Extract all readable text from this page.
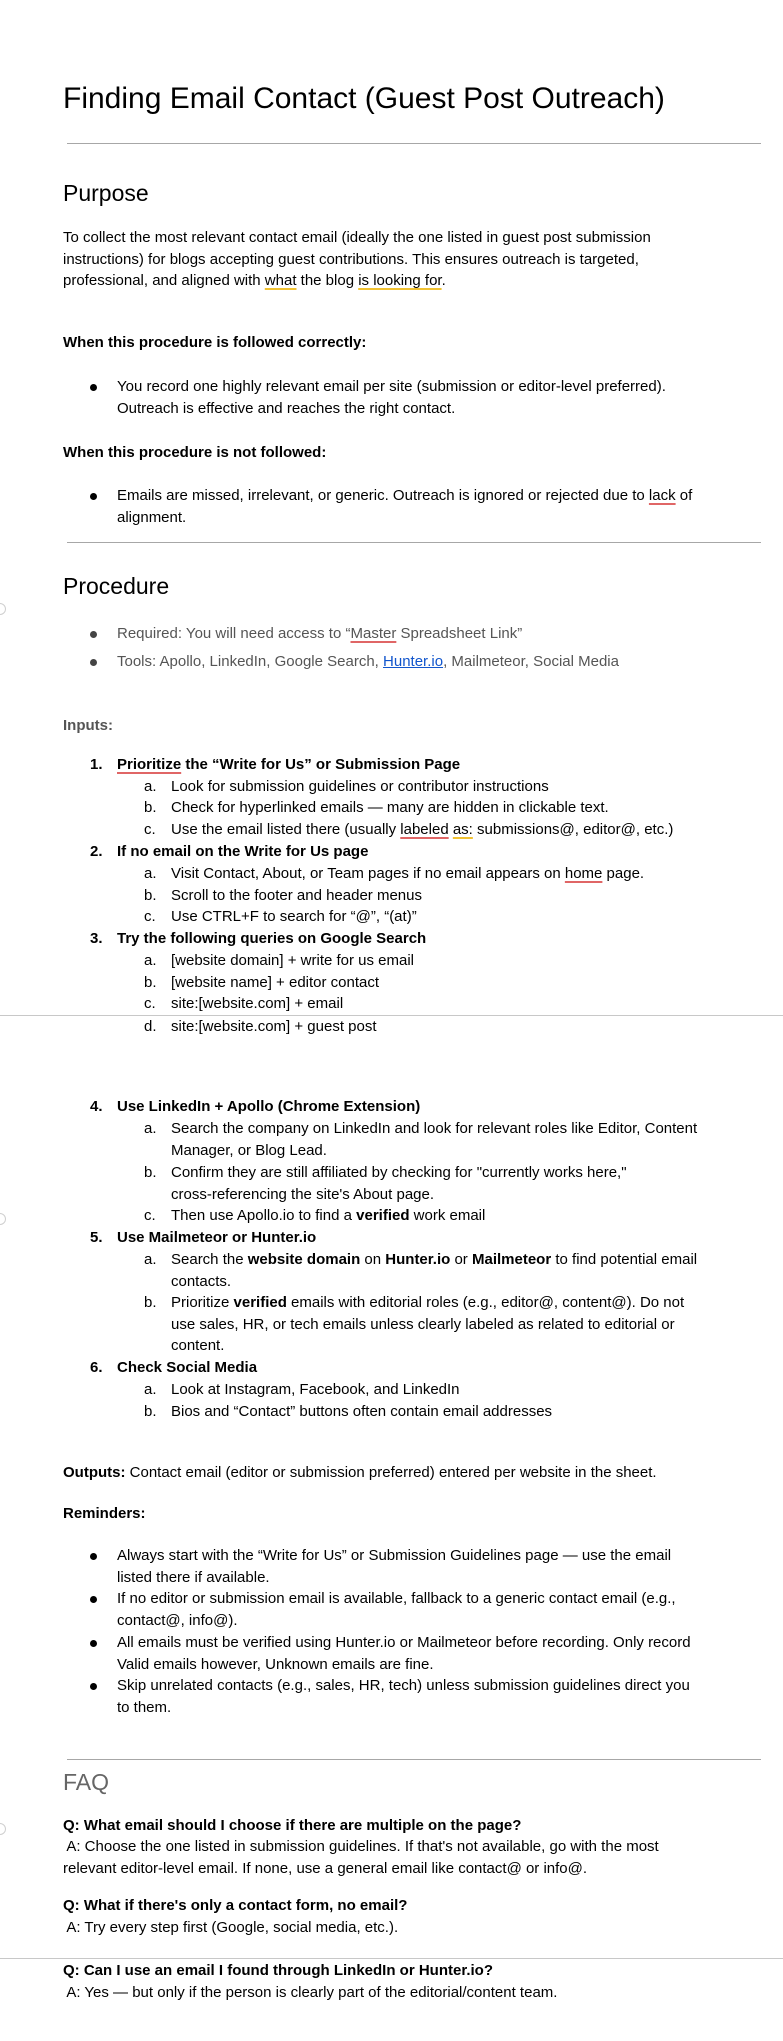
Finding Email Contact (Guest Post Outreach)
Purpose
To collect the most relevant contact email (ideally the one listed in guest post submission
instructions) for blogs accepting guest contributions. This ensures outreach is targeted,
professional, and aligned with what the blog is looking for.
When this procedure is followed correctly:
You record one highly relevant email per site (submission or editor-level preferred).
Outreach is effective and reaches the right contact.
When this procedure is not followed:
Emails are missed, irrelevant, or generic. Outreach is ignored or rejected due to lack of
alignment.
Procedure
Required: You will need access to “Master Spreadsheet Link”
Tools: Apollo, LinkedIn, Google Search, Hunter.io, Mailmeteor, Social Media
Inputs:
1. Prioritize the “Write for Us” or Submission Page
a. Look for submission guidelines or contributor instructions
b. Check for hyperlinked emails — many are hidden in clickable text.
c. Use the email listed there (usually labeled as: submissions@, editor@, etc.)
2. If no email on the Write for Us page
a. Visit Contact, About, or Team pages if no email appears on home page.
b. Scroll to the footer and header menus
c. Use CTRL+F to search for “@”, “(at)”
3. Try the following queries on Google Search
a. [website domain] + write for us email
b. [website name] + editor contact
c. site:[website.com] + email
d. site:[website.com] + guest post
4. Use LinkedIn + Apollo (Chrome Extension)
a. Search the company on LinkedIn and look for relevant roles like Editor, Content
Manager, or Blog Lead.
b. Confirm they are still affiliated by checking for "currently works here,"
cross-referencing the site's About page.
c. Then use Apollo.io to find a verified work email
5. Use Mailmeteor or Hunter.io
a. Search the website domain on Hunter.io or Mailmeteor to find potential email
contacts.
b. Prioritize verified emails with editorial roles (e.g., editor@, content@). Do not
use sales, HR, or tech emails unless clearly labeled as related to editorial or
content.
6. Check Social Media
a. Look at Instagram, Facebook, and LinkedIn
b. Bios and “Contact” buttons often contain email addresses
Outputs: Contact email (editor or submission preferred) entered per website in the sheet.
Reminders:
Always start with the “Write for Us” or Submission Guidelines page — use the email
listed there if available.
If no editor or submission email is available, fallback to a generic contact email (e.g.,
contact@, info@).
All emails must be verified using Hunter.io or Mailmeteor before recording. Only record
Valid emails however, Unknown emails are fine.
Skip unrelated contacts (e.g., sales, HR, tech) unless submission guidelines direct you
to them.
FAQ
Q: What email should I choose if there are multiple on the page?
A: Choose the one listed in submission guidelines. If that's not available, go with the most
relevant editor-level email. If none, use a general email like contact@ or info@.
Q: What if there's only a contact form, no email?
A: Try every step first (Google, social media, etc.).
Q: Can I use an email I found through LinkedIn or Hunter.io?
A: Yes — but only if the person is clearly part of the editorial/content team.
